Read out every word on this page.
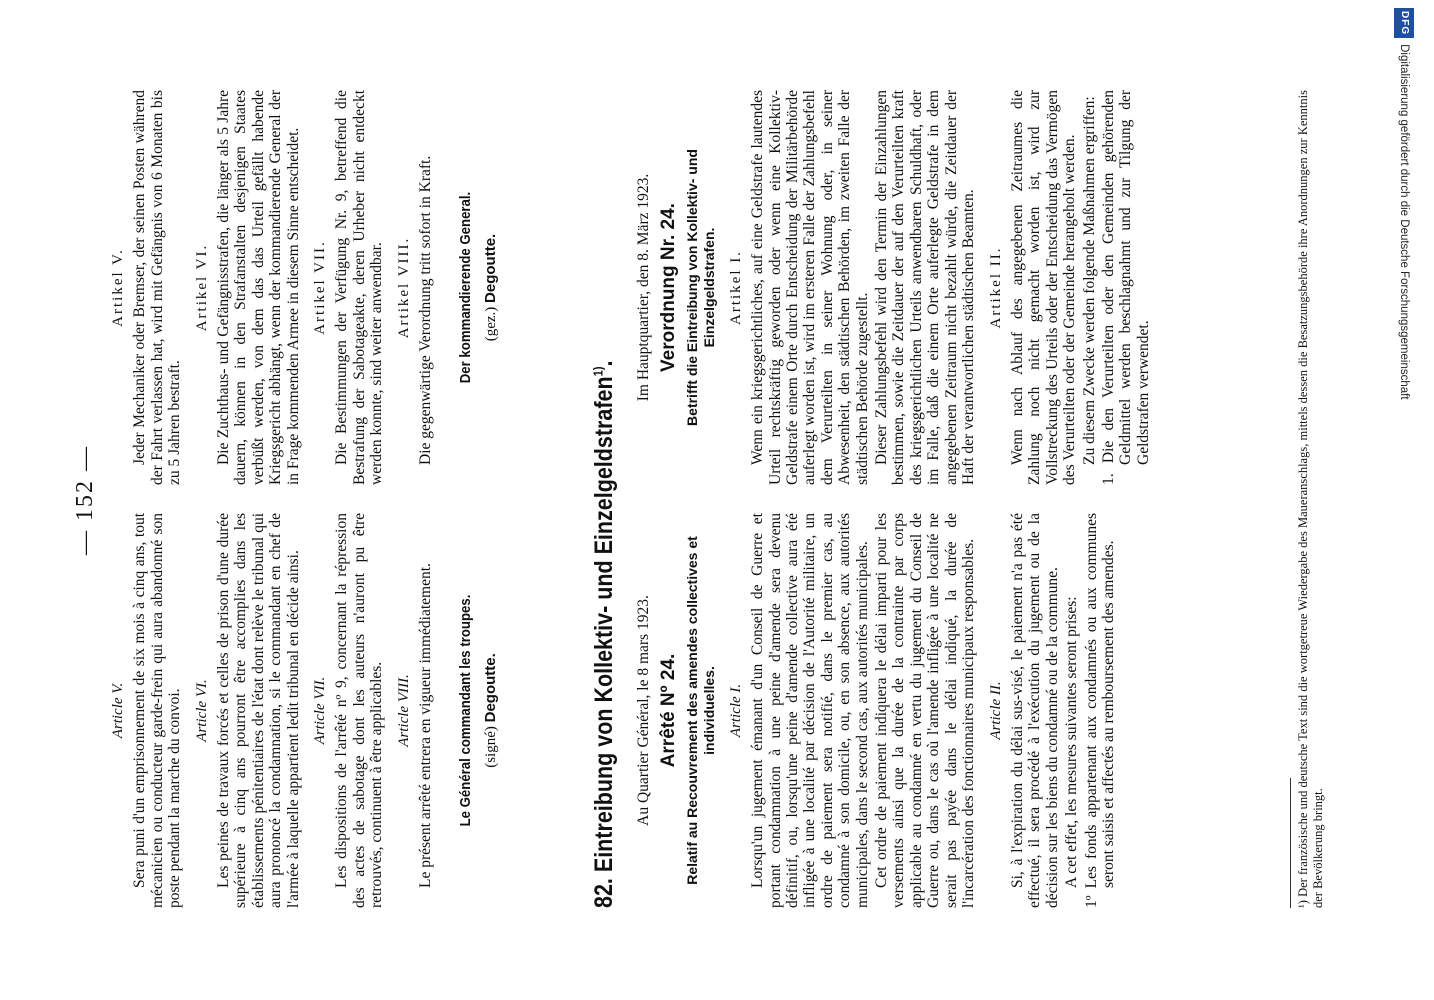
— 152 —
Article V. Sera puni d'un emprisonnement de six mois à cinq ans, tout mécanicien ou conducteur garde-frein qui aura abandonné son poste pendant la marche du convoi. Article VI. Les peines de travaux forcés et celles de prison d'une durée supérieure à cinq ans pourront être accomplies dans les établissements pénitentiaires de l'état dont relève le tribunal qui aura prononcé la condamnation, si le commandant en chef de l'armée à laquelle appartient ledit tribunal en décide ainsi. Article VII. Les dispositions de l'arrêté nº 9, concernant la répression des actes de sabotage dont les auteurs n'auront pu être retrouvés, continuent à être applicables. Article VIII. Le présent arrêté entrera en vigueur immédiatement. Le Général commandant les troupes. (signé) Degoutte.
Artikel V. Jeder Mechaniker oder Bremser, der seinen Posten während der Fahrt verlassen hat, wird mit Gefängnis von 6 Monaten bis zu 5 Jahren bestraft.

Artikel VI. Die Zuchthaus- und Gefängnisstrafen, die länger als 5 Jahre dauern, können in den Strafanstalten desjenigen Staates verbüßt werden, von dem das das Urteil gefällt habende Kriegsgericht abhängt, wenn der kommandierende General der in Frage kommenden Armee in diesem Sinne entscheidet. Artikel VII. Die Bestimmungen der Verfügung Nr. 9, betreffend die Bestrafung der Sabotageakte, deren Urheber nicht entdeckt werden konnte, sind weiter anwendbar. Artikel VIII. Die gegenwärtige Verordnung tritt sofort in Kraft. Der kommandierende General. (gez.) Degoutte.
82. Eintreibung von Kollektiv- und Einzelgeldstrafen$^{1)}$.
Au Quartier Général, le 8 mars 1923. Arrêté Nº 24. Relatif au Recouvrement des amendes collectives et individuelles. Article I. Lorsqu'un jugement émanant d'un Conseil de Guerre et portant condamnation à une peine d'amende sera devenu définitif, ou, lorsqu'une peine d'amende collective aura été infligée à une localité par décision de l'Autorité militaire, un ordre de paiement sera notifié, dans le premier cas, au condamné à son domicile, ou, en son absence, aux autorités municipales, dans le second cas, aux autorités municipales. Cet ordre de paiement indiquera le délai imparti pour les versements ainsi que la durée de la contrainte par corps applicable au condamné en vertu du jugement du Conseil de Guerre ou, dans le cas où l'amende infligée à une localité ne serait pas payée dans le délai indiqué, la durée de l'incarcération des fonctionnaires municipaux responsables. Article II. Si, à l'expiration du délai sus-visé, le paiement n'a pas été effectué, il sera procédé à l'exécution du jugement ou de la décision sur les biens du condamné ou de la commune. A cet effet, les mesures suivantes seront prises: 1º Les fonds appartenant aux condamnés ou aux communes seront saisis et affectés au remboursement des amendes.

Im Hauptquartier, den 8. März 1923. Verordnung Nr. 24. Betrifft die Eintreibung von Kollektiv- und Einzelgeldstrafen. Artikel I. Wenn ein kriegsgerichtliches, auf eine Geldstrafe lautendes Urteil rechtskräftig geworden oder wenn eine Kollektiv-Geldstrafe einem Orte durch Entscheidung der Militärbehörde auferlegt worden ist, wird im ersteren Falle der Zahlungsbefehl dem Verurteilten in seiner Wohnung oder, in seiner Abwesenheit, den städtischen Behörden, im zweiten Falle der städtischen Behörde zugestellt. Dieser Zahlungsbefehl wird den Termin der Einzahlungen bestimmen, sowie die Zeitdauer der auf den Verurteilten kraft des kriegsgerichtlichen Urteils anwendbaren Schuldhaft, oder im Falle, daß die einem Orte auferlegte Geldstrafe in dem angegebenen Zeitraum nicht bezahlt würde, die Zeitdauer der Haft der verantwortlichen städtischen Beamten. Artikel II. Wenn nach Ablauf des angegebenen Zeitraumes die Zahlung noch nicht gemacht worden ist, wird zur Vollstreckung des Urteils oder der Entscheidung das Vermögen des Verurteilten oder der Gemeinde herangeholt werden. Zu diesem Zwecke werden folgende Maßnahmen ergriffen: 1. Die den Verurteilten oder den Gemeinden gehörenden Geldmittel werden beschlagnahmt und zur Tilgung der Geldstrafen verwendet.	¹) Der französische und deutsche Text sind die wortgetreue Wiedergabe des Maueranschlags, mittels dessen die Besatzungsbehörde ihre Anordnungen zur Kenntnis der Bevölkerung bringt.
DFG
Digitalisierung gefördert durch die Deutsche Forschungsgemeinschaft
